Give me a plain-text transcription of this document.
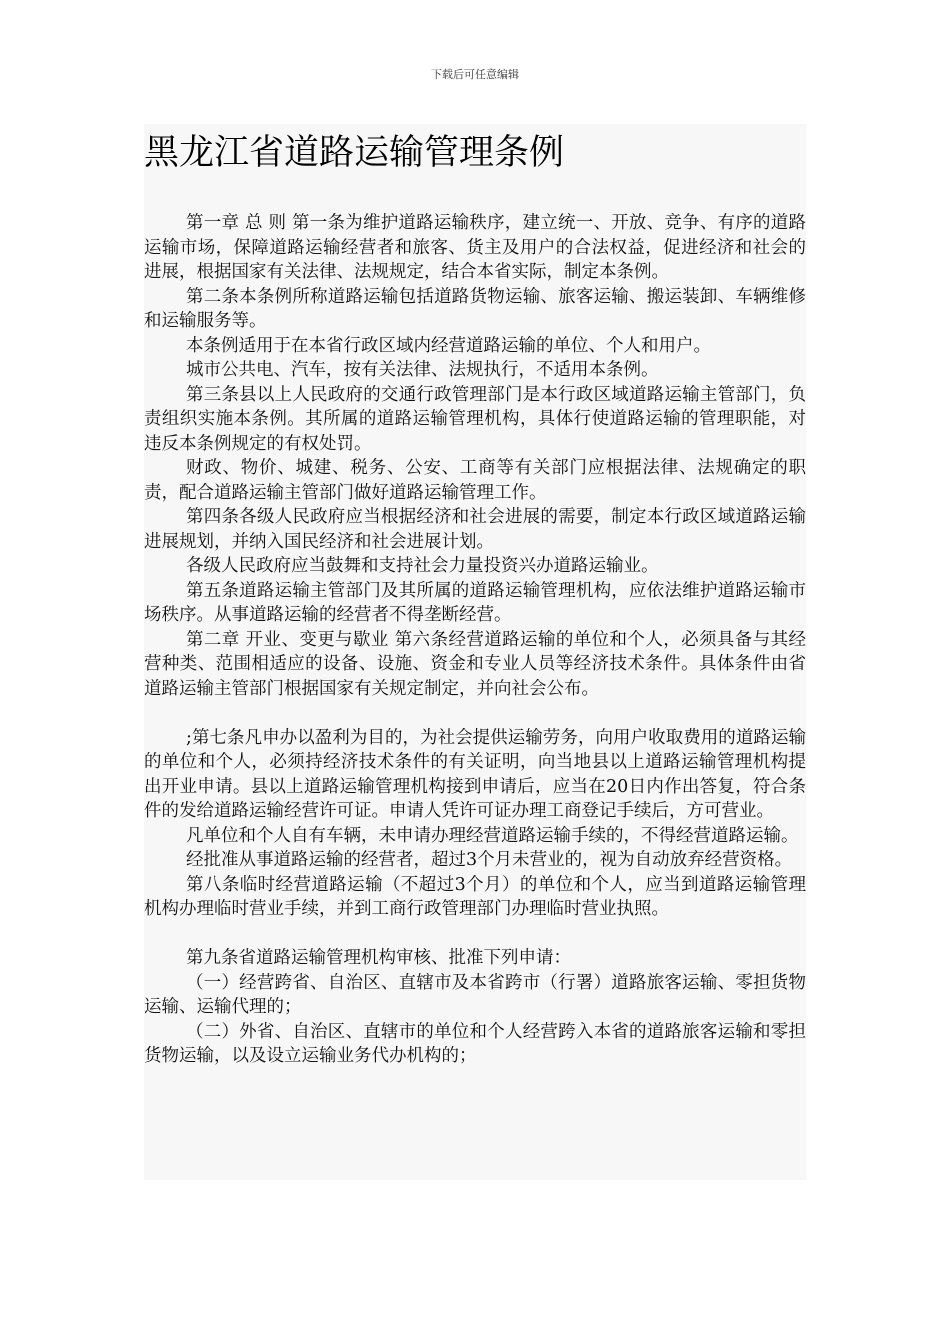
下载后可任意编辑
黑龙江省道路运输管理条例

第一章 总 则 第一条为维护道路运输秩序，建立统一、开放、竞争、有序的道路运输市场，保障道路运输经营者和旅客、货主及用户的合法权益，促进经济和社会的进展，根据国家有关法律、法规规定，结合本省实际，制定本条例。

第二条本条例所称道路运输包括道路货物运输、旅客运输、搬运装卸、车辆维修和运输服务等。

本条例适用于在本省行政区域内经营道路运输的单位、个人和用户。

城市公共电、汽车，按有关法律、法规执行，不适用本条例。

第三条县以上人民政府的交通行政管理部门是本行政区域道路运输主管部门，负责组织实施本条例。其所属的道路运输管理机构，具体行使道路运输的管理职能，对违反本条例规定的有权处罚。

财政、物价、城建、税务、公安、工商等有关部门应根据法律、法规确定的职责，配合道路运输主管部门做好道路运输管理工作。

第四条各级人民政府应当根据经济和社会进展的需要，制定本行政区域道路运输进展规划，并纳入国民经济和社会进展计划。

各级人民政府应当鼓舞和支持社会力量投资兴办道路运输业。

第五条道路运输主管部门及其所属的道路运输管理机构，应依法维护道路运输市场秩序。从事道路运输的经营者不得垄断经营。

第二章 开业、变更与歇业 第六条经营道路运输的单位和个人，必须具备与其经营种类、范围相适应的设备、设施、资金和专业人员等经济技术条件。具体条件由省道路运输主管部门根据国家有关规定制定，并向社会公布。

;第七条凡申办以盈利为目的，为社会提供运输劳务，向用户收取费用的道路运输的单位和个人，必须持经济技术条件的有关证明，向当地县以上道路运输管理机构提出开业申请。县以上道路运输管理机构接到申请后，应当在20日内作出答复，符合条件的发给道路运输经营许可证。申请人凭许可证办理工商登记手续后，方可营业。

凡单位和个人自有车辆，未申请办理经营道路运输手续的，不得经营道路运输。

经批准从事道路运输的经营者，超过3个月未营业的，视为自动放弃经营资格。

第八条临时经营道路运输（不超过3个月）的单位和个人，应当到道路运输管理机构办理临时营业手续，并到工商行政管理部门办理临时营业执照。

第九条省道路运输管理机构审核、批准下列申请：

（一）经营跨省、自治区、直辖市及本省跨市（行署）道路旅客运输、零担货物运输、运输代理的；

（二）外省、自治区、直辖市的单位和个人经营跨入本省的道路旅客运输和零担货物运输，以及设立运输业务代办机构的；
